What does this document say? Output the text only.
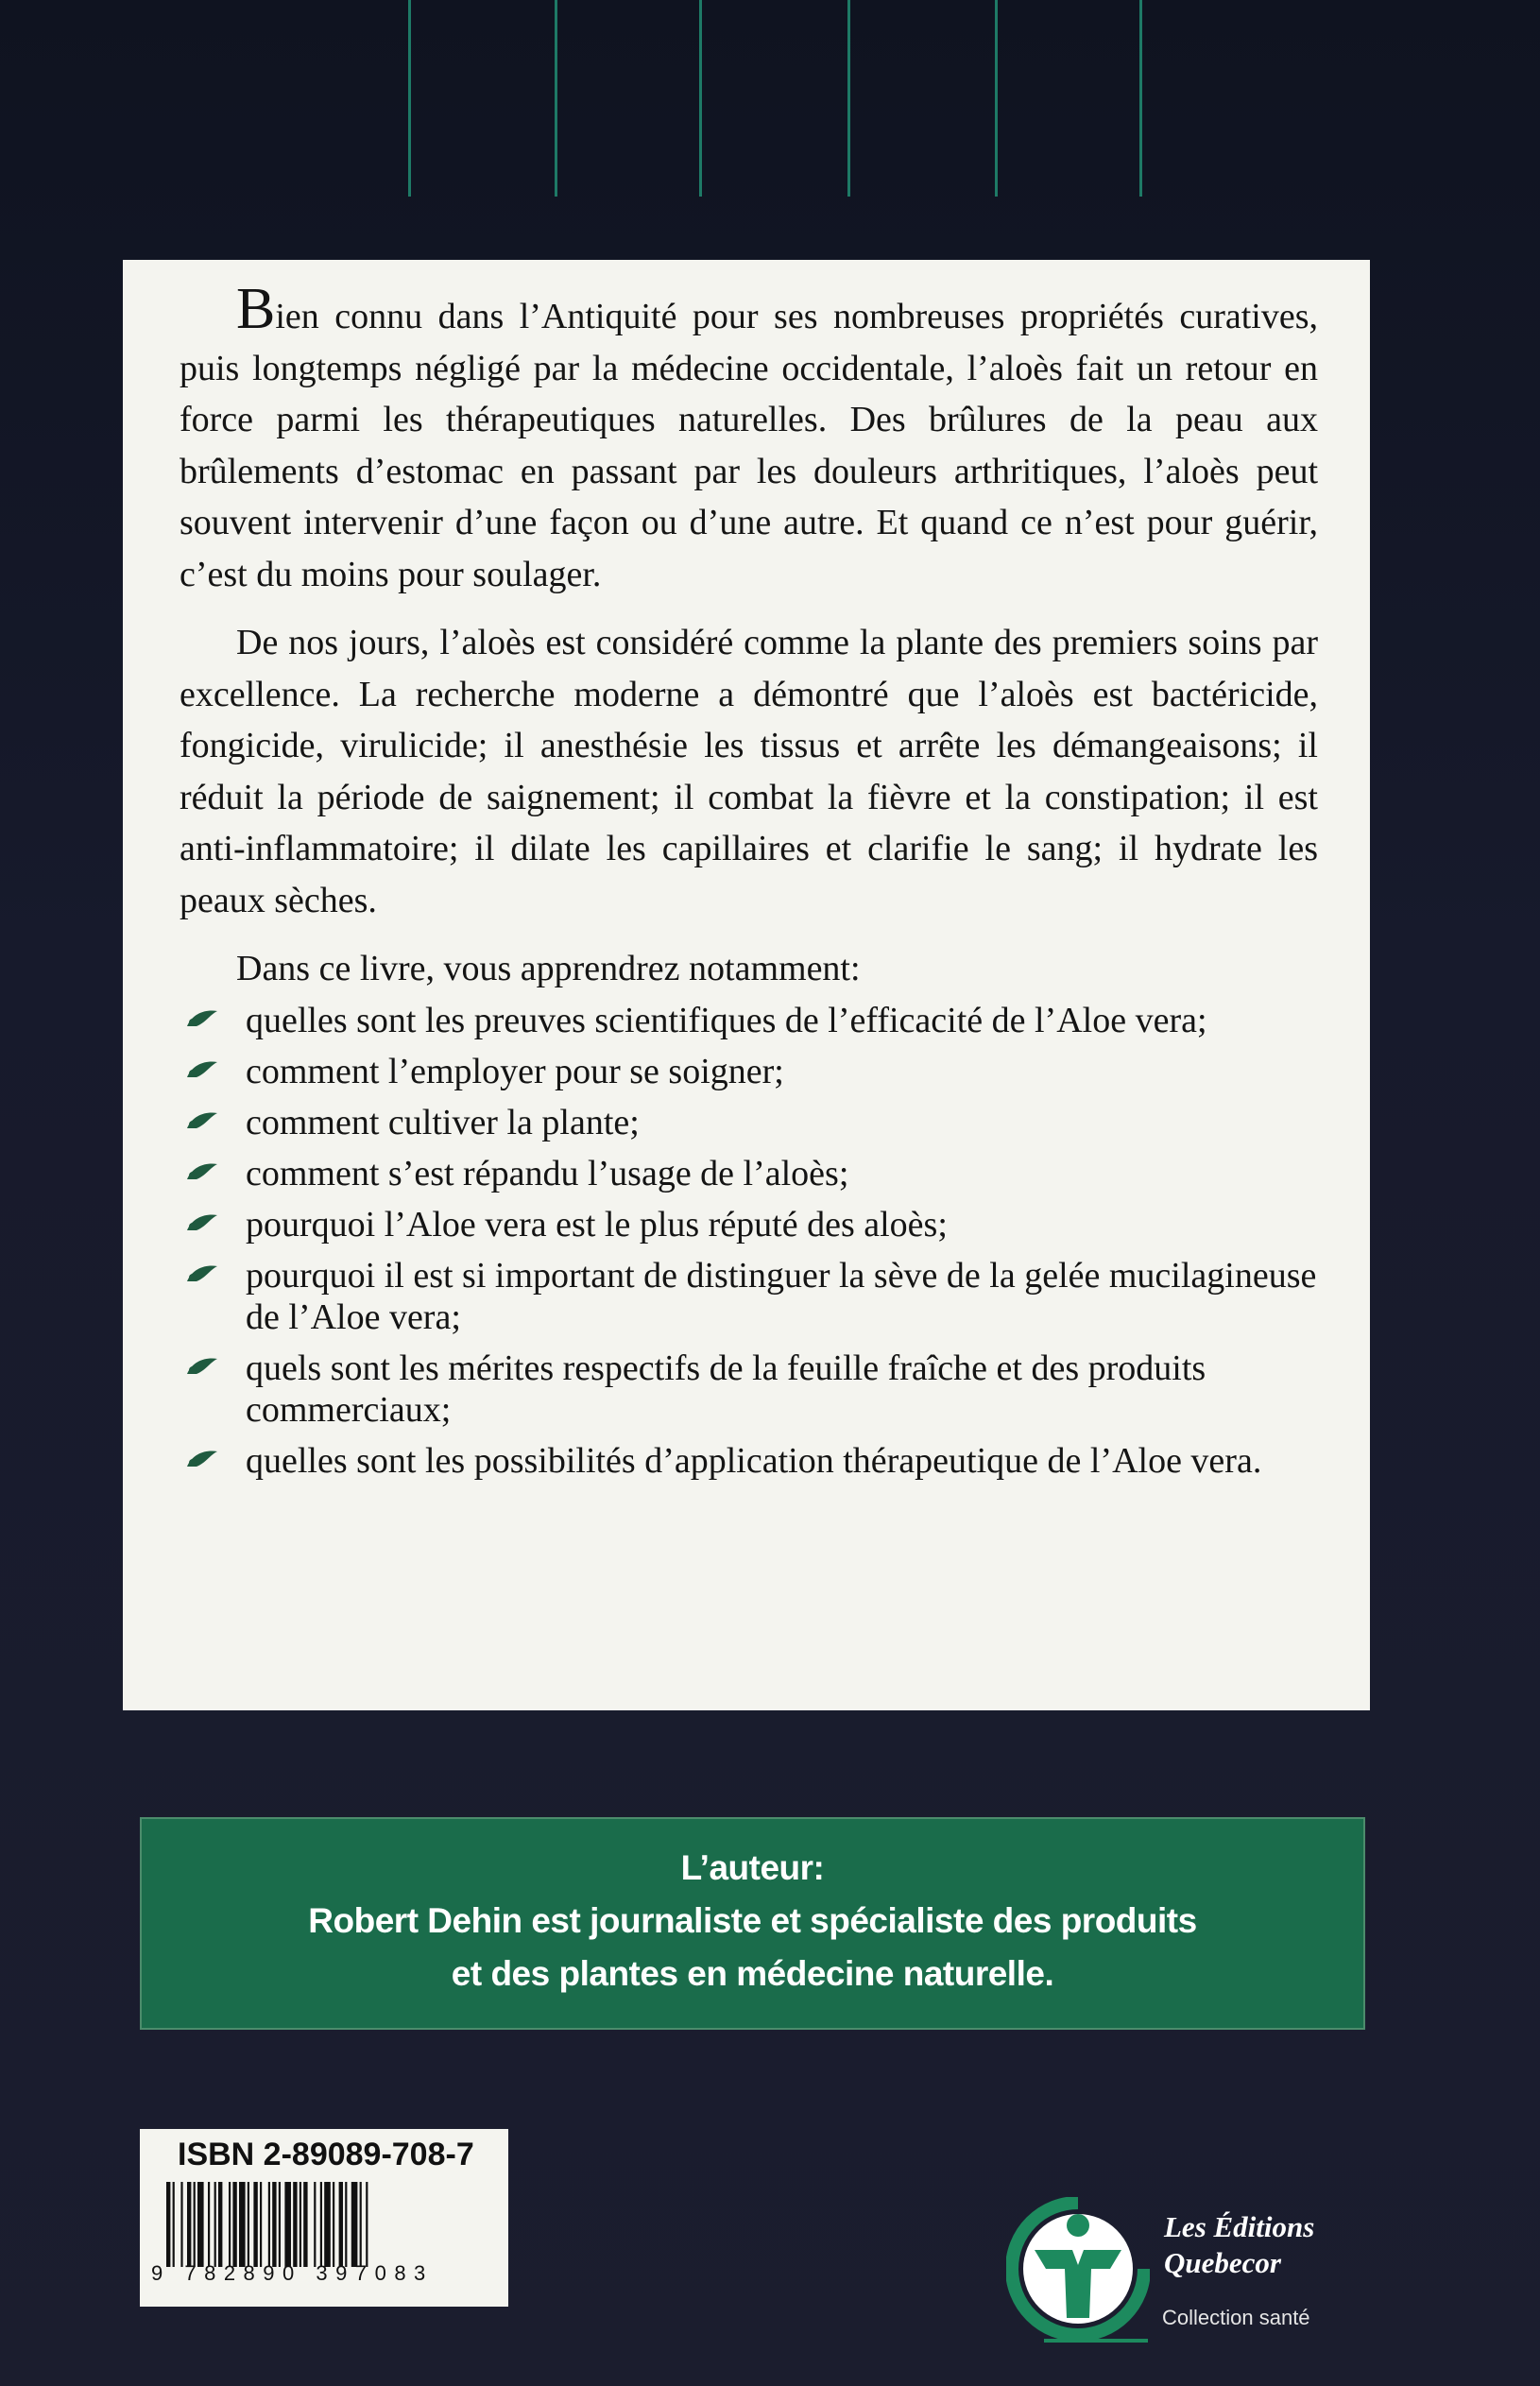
Bien connu dans l’Antiquité pour ses nombreuses propriétés curatives, puis longtemps négligé par la médecine occidentale, l’aloès fait un retour en force parmi les thérapeutiques naturelles. Des brûlures de la peau aux brûlements d’estomac en passant par les douleurs arthritiques, l’aloès peut souvent intervenir d’une façon ou d’une autre. Et quand ce n’est pour guérir, c’est du moins pour soulager.

De nos jours, l’aloès est considéré comme la plante des premiers soins par excellence. La recherche moderne a démontré que l’aloès est bactéricide, fongicide, virulicide; il anesthésie les tissus et arrête les démangeaisons; il réduit la période de saignement; il combat la fièvre et la constipation; il est anti-inflammatoire; il dilate les capillaires et clarifie le sang; il hydrate les peaux sèches.

Dans ce livre, vous apprendrez notamment:
quelles sont les preuves scientifiques de l’efficacité de l’Aloe vera;
comment l’employer pour se soigner;
comment cultiver la plante;
comment s’est répandu l’usage de l’aloès;
pourquoi l’Aloe vera est le plus réputé des aloès;
pourquoi il est si important de distinguer la sève de la gelée mucilagineuse de l’Aloe vera;
quels sont les mérites respectifs de la feuille fraîche et des produits commerciaux;
quelles sont les possibilités d’application thérapeutique de l’Aloe vera.
L’auteur:
Robert Dehin est journaliste et spécialiste des produits
et des plantes en médecine naturelle.
ISBN 2-89089-708-7
9 782890 397083
Les Éditions
Quebecor
Collection santé
